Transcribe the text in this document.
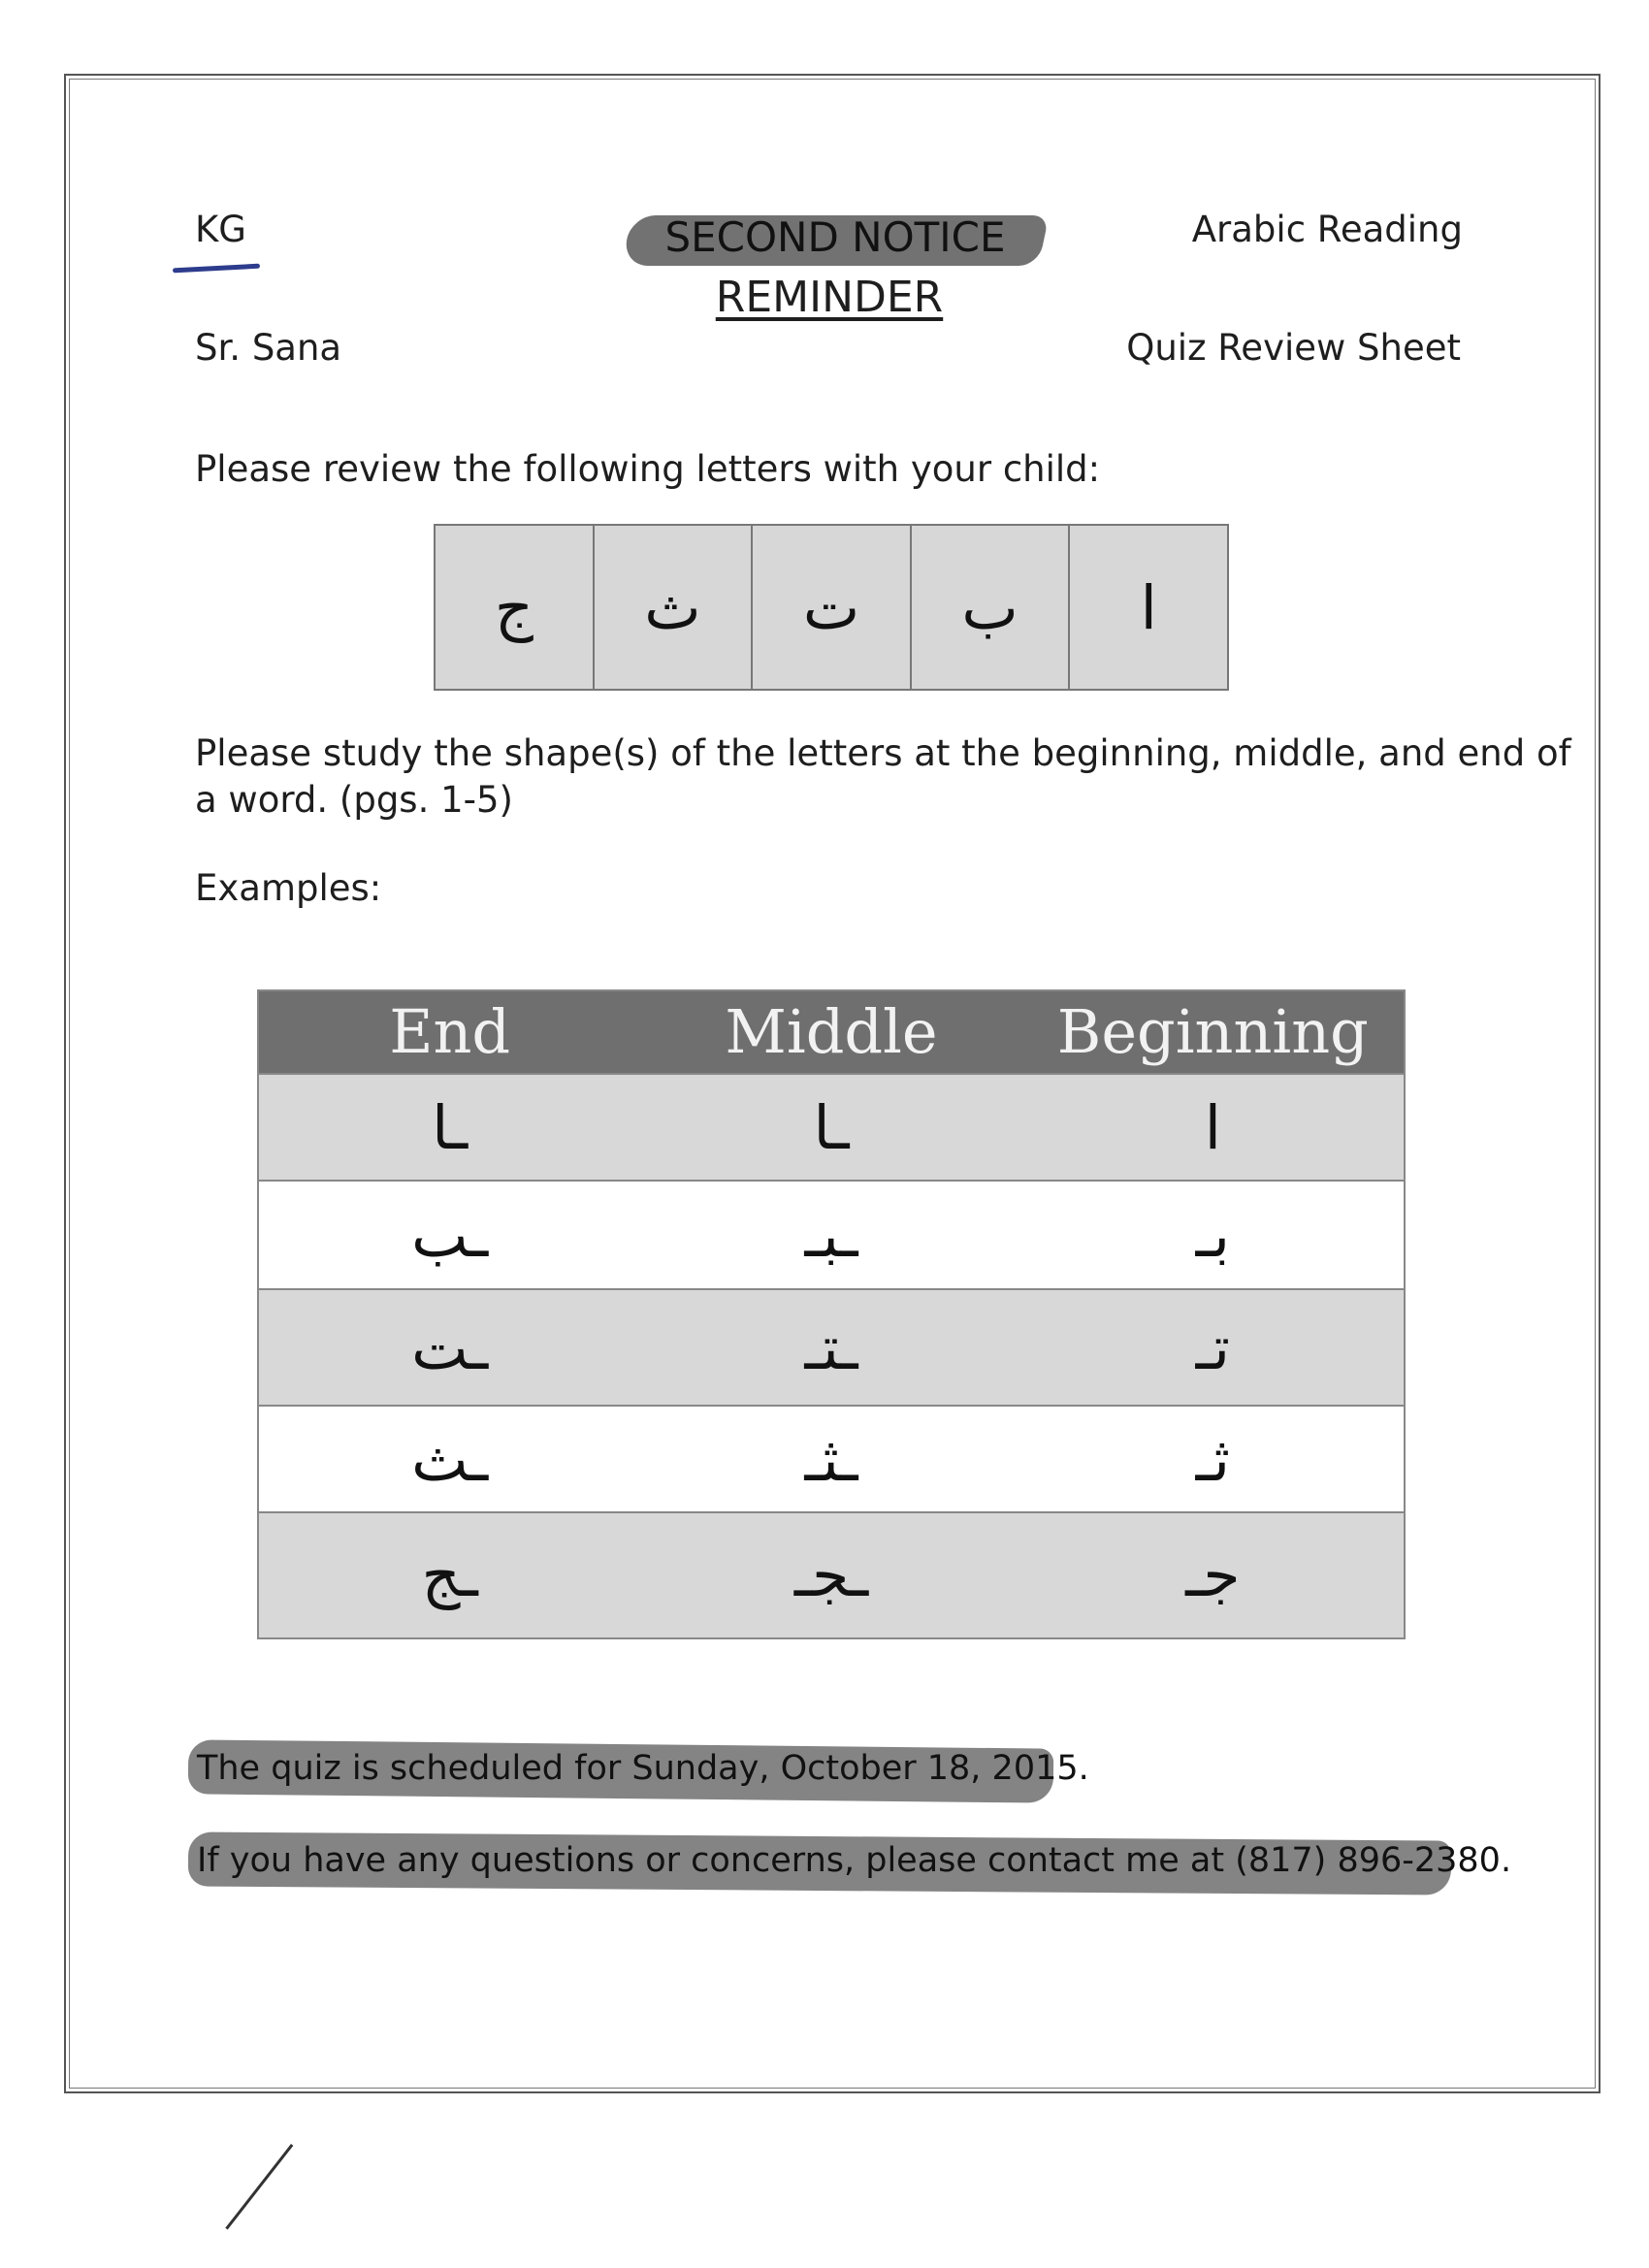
KG
Sr. Sana
Arabic Reading
Quiz Review Sheet
SECOND NOTICE
REMINDER
Please review the following letters with your child:
ا
ب
ت
ث
ج
Please study the shape(s) of the letters at the beginning, middle, and end of
a word. (pgs. 1-5)
Examples:
Beginning
Middle
End
ا
ـا
ـا
بـ
ـبـ
ـب
تـ
ـتـ
ـت
ثـ
ـثـ
ـث
جـ
ـجـ
ـج
The quiz is scheduled for Sunday, October 18, 2015.
If you have any questions or concerns, please contact me at (817) 896-2380.
